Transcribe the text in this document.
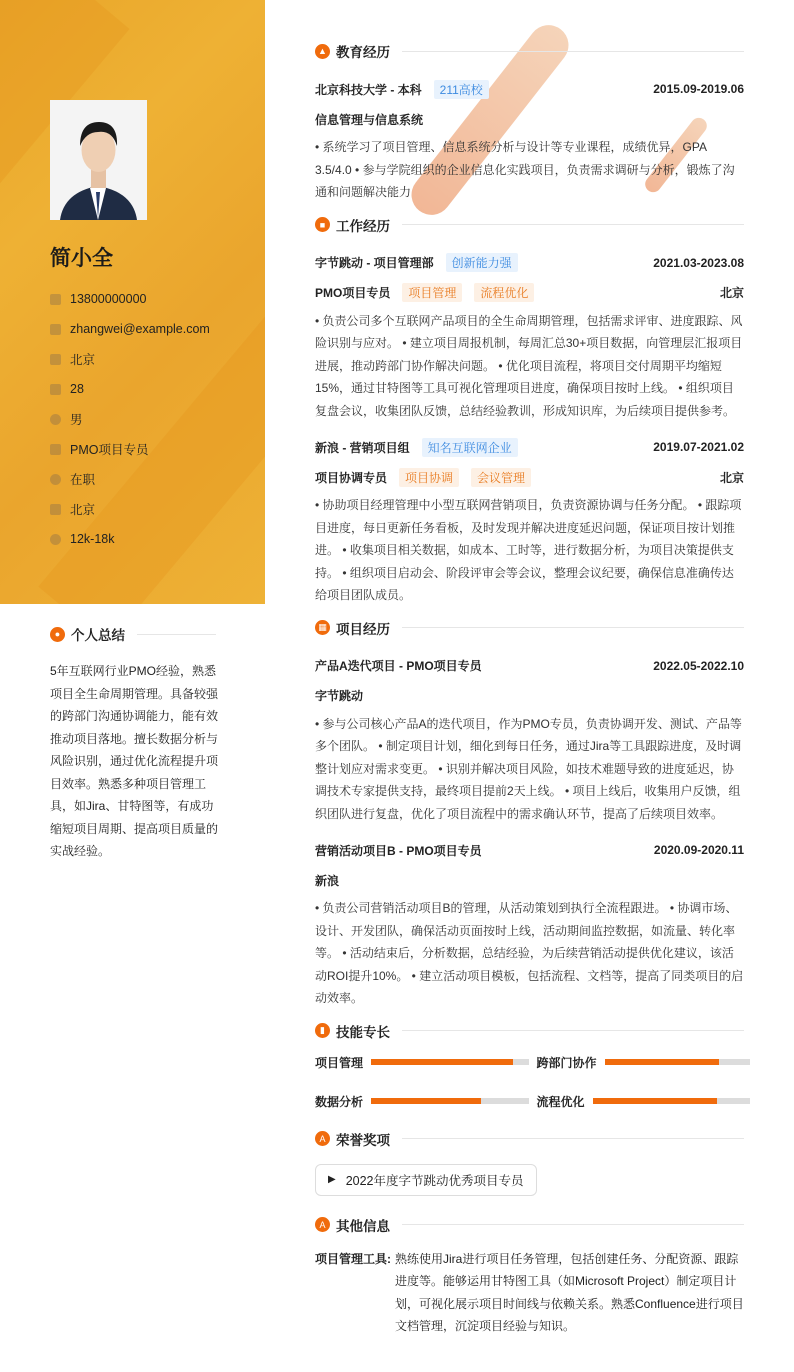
简小全
13800000000
zhangwei@example.com
北京
28
男
PMO项目专员
在职
北京
12k-18k
● 个人总结
5年互联网行业PMO经验，熟悉项目全生命周期管理。具备较强的跨部门沟通协调能力，能有效推动项目落地。擅长数据分析与风险识别，通过优化流程提升项目效率。熟悉多种项目管理工具，如Jira、甘特图等，有成功缩短项目周期、提高项目质量的实战经验。
▲ 教育经历
北京科技大学 - 本科	211高校	2015.09-2019.06
信息管理与信息系统
• 系统学习了项目管理、信息系统分析与设计等专业课程，成绩优异，GPA 3.5/4.0 • 参与学院组织的企业信息化实践项目，负责需求调研与分析，锻炼了沟通和问题解决能力
■ 工作经历
字节跳动 - 项目管理部	创新能力强	2021.03-2023.08
PMO项目专员	项目管理	流程优化	北京
• 负责公司多个互联网产品项目的全生命周期管理，包括需求评审、进度跟踪、风险识别与应对。 • 建立项目周报机制，每周汇总30+项目数据，向管理层汇报项目进展，推动跨部门协作解决问题。 • 优化项目流程，将项目交付周期平均缩短15%，通过甘特图等工具可视化管理项目进度，确保项目按时上线。 • 组织项目复盘会议，收集团队反馈，总结经验教训，形成知识库，为后续项目提供参考。
新浪 - 营销项目组	知名互联网企业	2019.07-2021.02
项目协调专员	项目协调	会议管理	北京
• 协助项目经理管理中小型互联网营销项目，负责资源协调与任务分配。 • 跟踪项目进度，每日更新任务看板，及时发现并解决进度延迟问题，保证项目按计划推进。 • 收集项目相关数据，如成本、工时等，进行数据分析，为项目决策提供支持。 • 组织项目启动会、阶段评审会等会议，整理会议纪要，确保信息准确传达给项目团队成员。
▦ 项目经历
产品A迭代项目 - PMO项目专员	2022.05-2022.10
字节跳动
• 参与公司核心产品A的迭代项目，作为PMO专员，负责协调开发、测试、产品等多个团队。 • 制定项目计划，细化到每日任务，通过Jira等工具跟踪进度，及时调整计划应对需求变更。 • 识别并解决项目风险，如技术难题导致的进度延迟，协调技术专家提供支持，最终项目提前2天上线。 • 项目上线后，收集用户反馈，组织团队进行复盘，优化了项目流程中的需求确认环节，提高了后续项目效率。
营销活动项目B - PMO项目专员	2020.09-2020.11
新浪
• 负责公司营销活动项目B的管理，从活动策划到执行全流程跟进。 • 协调市场、设计、开发团队，确保活动页面按时上线，活动期间监控数据，如流量、转化率等。 • 活动结束后，分析数据，总结经验，为后续营销活动提供优化建议，该活动ROI提升10%。 • 建立活动项目模板，包括流程、文档等，提高了同类项目的启动效率。
▮ 技能专长
项目管理	跨部门协作
数据分析	流程优化
A 荣誉奖项
▶ 2022年度字节跳动优秀项目专员
A 其他信息
项目管理工具: 熟练使用Jira进行项目任务管理，包括创建任务、分配资源、跟踪进度等。能够运用甘特图工具（如Microsoft Project）制定项目计划，可视化展示项目时间线与依赖关系。熟悉Confluence进行项目文档管理，沉淀项目经验与知识。
